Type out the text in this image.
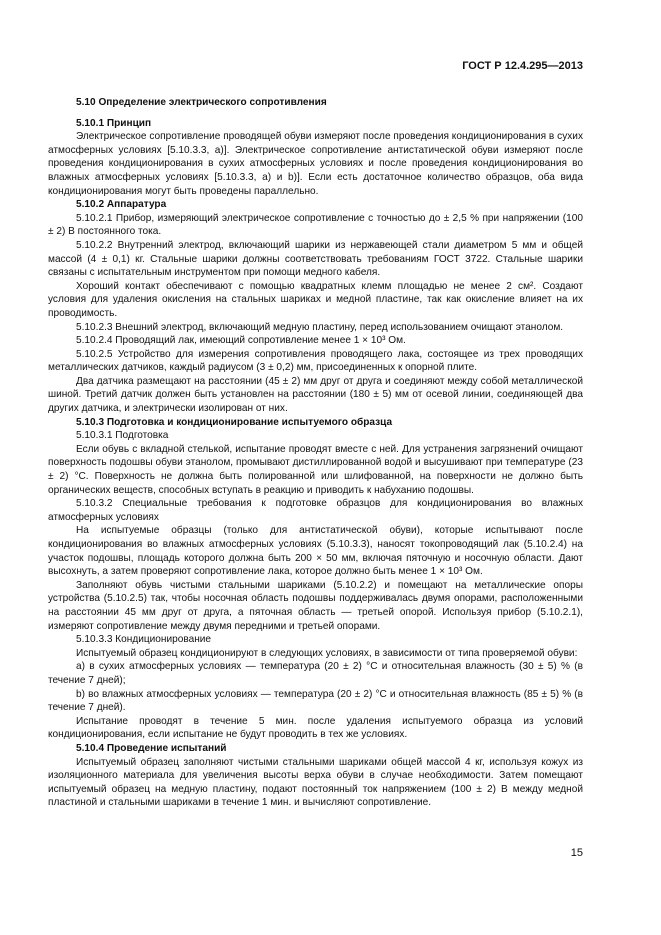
ГОСТ Р 12.4.295—2013

5.10 Определение электрического сопротивления

5.10.1 Принцип

Электрическое сопротивление проводящей обуви измеряют после проведения кондиционирования в сухих атмосферных условиях [5.10.3.3, а)]. Электрическое сопротивление антистатической обуви измеряют после проведения кондиционирования в сухих атмосферных условиях и после проведения кондиционирования во влажных атмосферных условиях [5.10.3.3, а) и b)]. Если есть достаточное количество образцов, оба вида кондиционирования могут быть проведены параллельно.

5.10.2 Аппаратура

5.10.2.1 Прибор, измеряющий электрическое сопротивление с точностью до ± 2,5 % при напряжении (100 ± 2) В постоянного тока.

5.10.2.2 Внутренний электрод, включающий шарики из нержавеющей стали диаметром 5 мм и общей массой (4 ± 0,1) кг. Стальные шарики должны соответствовать требованиям ГОСТ 3722. Стальные шарики связаны с испытательным инструментом при помощи медного кабеля.

Хороший контакт обеспечивают с помощью квадратных клемм площадью не менее 2 см². Создают условия для удаления окисления на стальных шариках и медной пластине, так как окисление влияет на их проводимость.

5.10.2.3 Внешний электрод, включающий медную пластину, перед использованием очищают этанолом.

5.10.2.4 Проводящий лак, имеющий сопротивление менее 1 × 10³ Ом.

5.10.2.5 Устройство для измерения сопротивления проводящего лака, состоящее из трех проводящих металлических датчиков, каждый радиусом (3 ± 0,2) мм, присоединенных к опорной плите.

Два датчика размещают на расстоянии (45 ± 2) мм друг от друга и соединяют между собой металлической шиной. Третий датчик должен быть установлен на расстоянии (180 ± 5) мм от осевой линии, соединяющей два других датчика, и электрически изолирован от них.

5.10.3 Подготовка и кондиционирование испытуемого образца

5.10.3.1 Подготовка

Если обувь с вкладной стелькой, испытание проводят вместе с ней. Для устранения загрязнений очищают поверхность подошвы обуви этанолом, промывают дистиллированной водой и высушивают при температуре (23 ± 2) °С. Поверхность не должна быть полированной или шлифованной, на поверхности не должно быть органических веществ, способных вступать в реакцию и приводить к набуханию подошвы.

5.10.3.2 Специальные требования к подготовке образцов для кондиционирования во влажных атмосферных условиях

На испытуемые образцы (только для антистатической обуви), которые испытывают после кондиционирования во влажных атмосферных условиях (5.10.3.3), наносят токопроводящий лак (5.10.2.4) на участок подошвы, площадь которого должна быть 200 × 50 мм, включая пяточную и носочную области. Дают высохнуть, а затем проверяют сопротивление лака, которое должно быть менее 1 × 10³ Ом.

Заполняют обувь чистыми стальными шариками (5.10.2.2) и помещают на металлические опоры устройства (5.10.2.5) так, чтобы носочная область подошвы поддерживалась двумя опорами, расположенными на расстоянии 45 мм друг от друга, а пяточная область — третьей опорой. Используя прибор (5.10.2.1), измеряют сопротивление между двумя передними и третьей опорами.

5.10.3.3 Кондиционирование

Испытуемый образец кондиционируют в следующих условиях, в зависимости от типа проверяемой обуви:

а) в сухих атмосферных условиях — температура (20 ± 2) °С и относительная влажность (30 ± 5) % (в течение 7 дней);

b) во влажных атмосферных условиях — температура (20 ± 2) °С и относительная влажность (85 ± 5) % (в течение 7 дней).

Испытание проводят в течение 5 мин. после удаления испытуемого образца из условий кондиционирования, если испытание не будут проводить в тех же условиях.

5.10.4 Проведение испытаний

Испытуемый образец заполняют чистыми стальными шариками общей массой 4 кг, используя кожух из изоляционного материала для увеличения высоты верха обуви в случае необходимости. Затем помещают испытуемый образец на медную пластину, подают постоянный ток напряжением (100 ± 2) В между медной пластиной и стальными шариками в течение 1 мин. и вычисляют сопротивление.

15
